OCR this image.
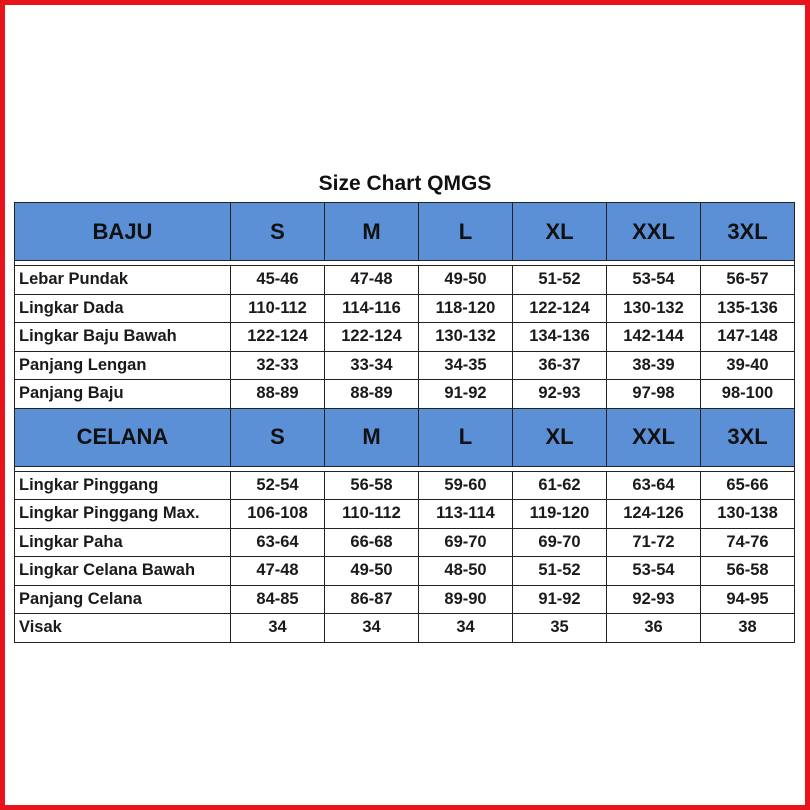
Size Chart QMGS
BAJU	S	M	L	XL	XXL	3XL

Lebar Pundak	45-46	47-48	49-50	51-52	53-54	56-57
Lingkar Dada	110-112	114-116	118-120	122-124	130-132	135-136
Lingkar Baju Bawah	122-124	122-124	130-132	134-136	142-144	147-148
Panjang Lengan	32-33	33-34	34-35	36-37	38-39	39-40
Panjang Baju	88-89	88-89	91-92	92-93	97-98	98-100
CELANA	S	M	L	XL	XXL	3XL

Lingkar Pinggang	52-54	56-58	59-60	61-62	63-64	65-66
Lingkar Pinggang Max.	106-108	110-112	113-114	119-120	124-126	130-138
Lingkar Paha	63-64	66-68	69-70	69-70	71-72	74-76
Lingkar Celana Bawah	47-48	49-50	48-50	51-52	53-54	56-58
Panjang Celana	84-85	86-87	89-90	91-92	92-93	94-95
Visak	34	34	34	35	36	38
